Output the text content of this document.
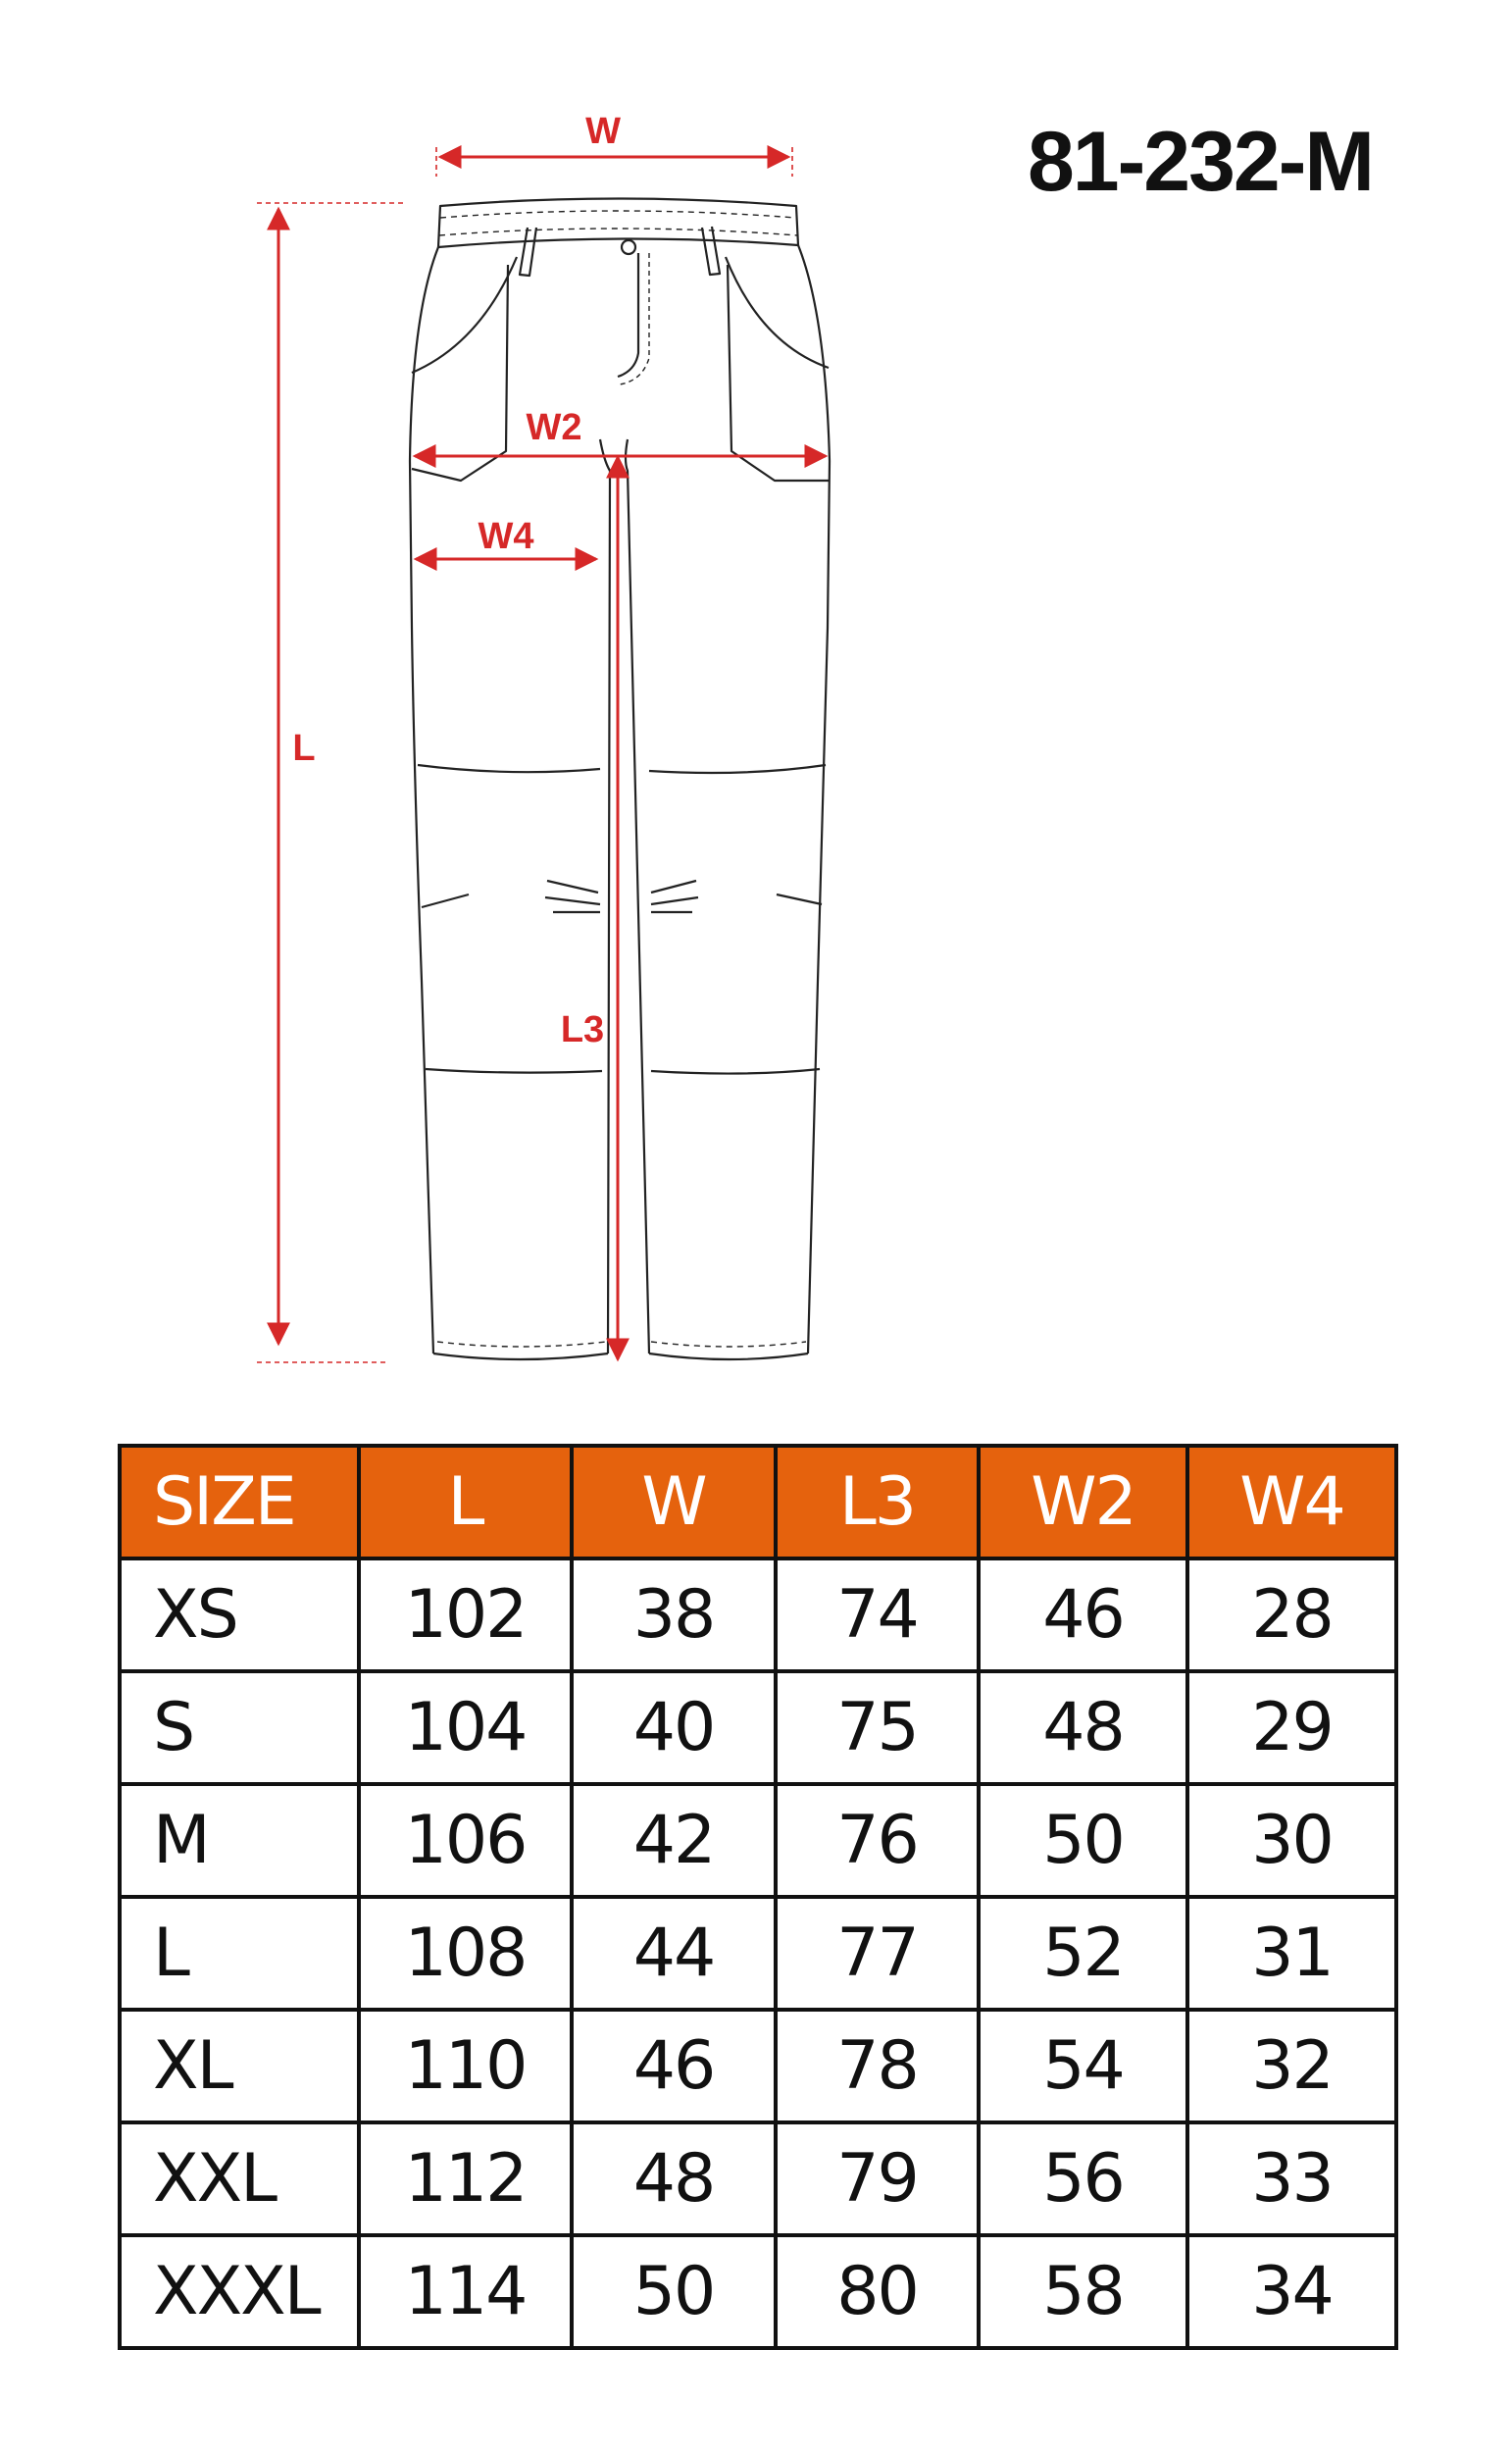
81-232-M
W
W2
W4
L
L3
SIZE	L	W	L3	W2	W4
XS	102	38	74	46	28
S	104	40	75	48	29
M	106	42	76	50	30
L	108	44	77	52	31
XL	110	46	78	54	32
XXL	112	48	79	56	33
XXXL	114	50	80	58	34
